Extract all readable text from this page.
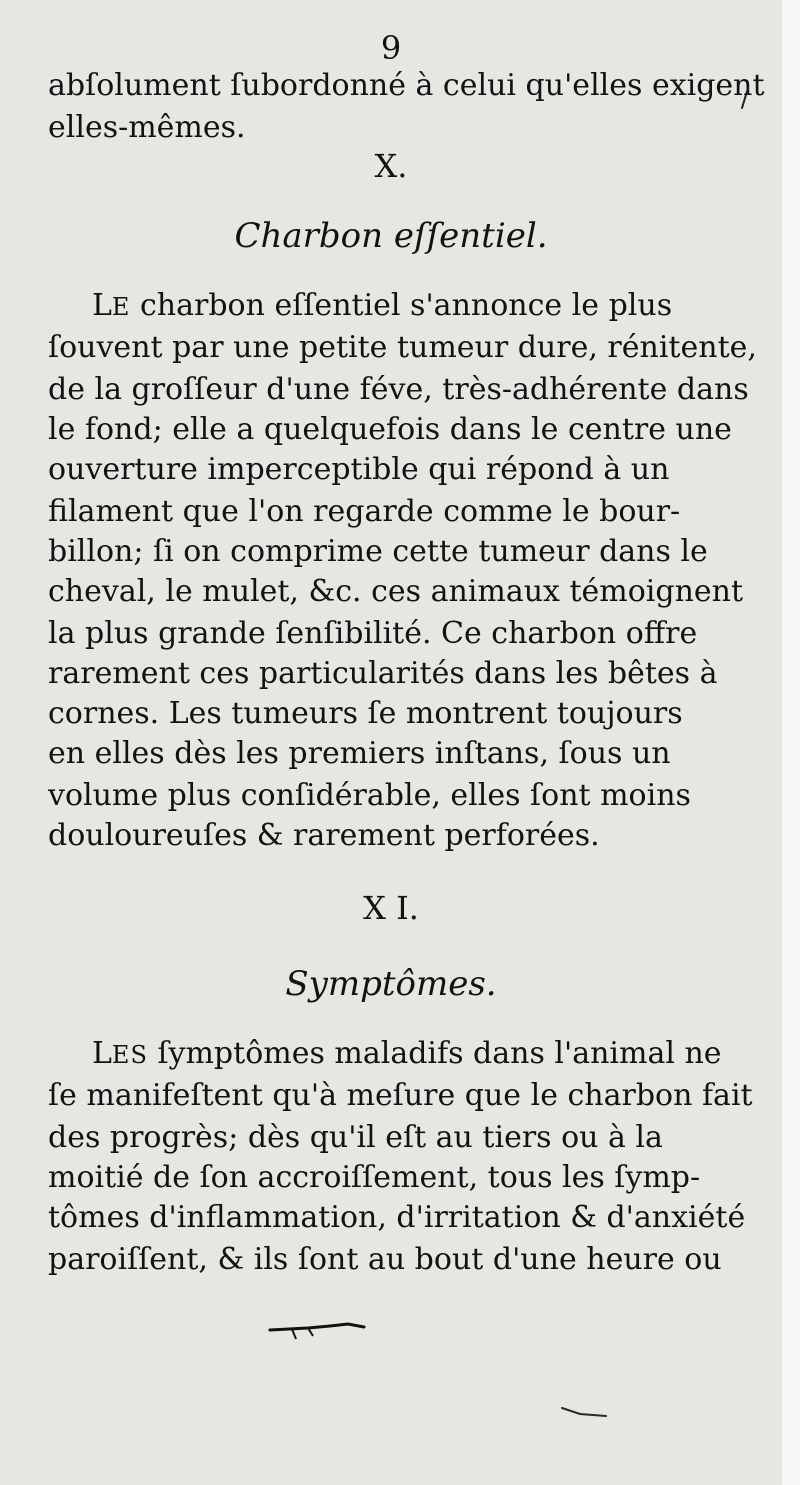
9
abſolument ſubordonné à celui qu'elles exigent
elles-mêmes.
X.
Charbon eſſentiel.
LE charbon eſſentiel s'annonce le plus
ſouvent par une petite tumeur dure, rénitente,
de la groſſeur d'une féve, très-adhérente dans
le fond; elle a quelquefois dans le centre une
ouverture imperceptible qui répond à un
filament que l'on regarde comme le bour-
billon; ſi on comprime cette tumeur dans le
cheval, le mulet, &c. ces animaux témoignent
la plus grande ſenſibilité. Ce charbon offre
rarement ces particularités dans les bêtes à
cornes. Les tumeurs ſe montrent toujours
en elles dès les premiers inſtans, ſous un
volume plus conſidérable, elles ſont moins
douloureuſes & rarement perforées.
X I.
Symptômes.
LES ſymptômes maladifs dans l'animal ne
ſe manifeſtent qu'à meſure que le charbon fait
des progrès; dès qu'il eſt au tiers ou à la
moitié de ſon accroiſſement, tous les ſymp-
tômes d'inflammation, d'irritation & d'anxiété
paroiſſent, & ils ſont au bout d'une heure ou
